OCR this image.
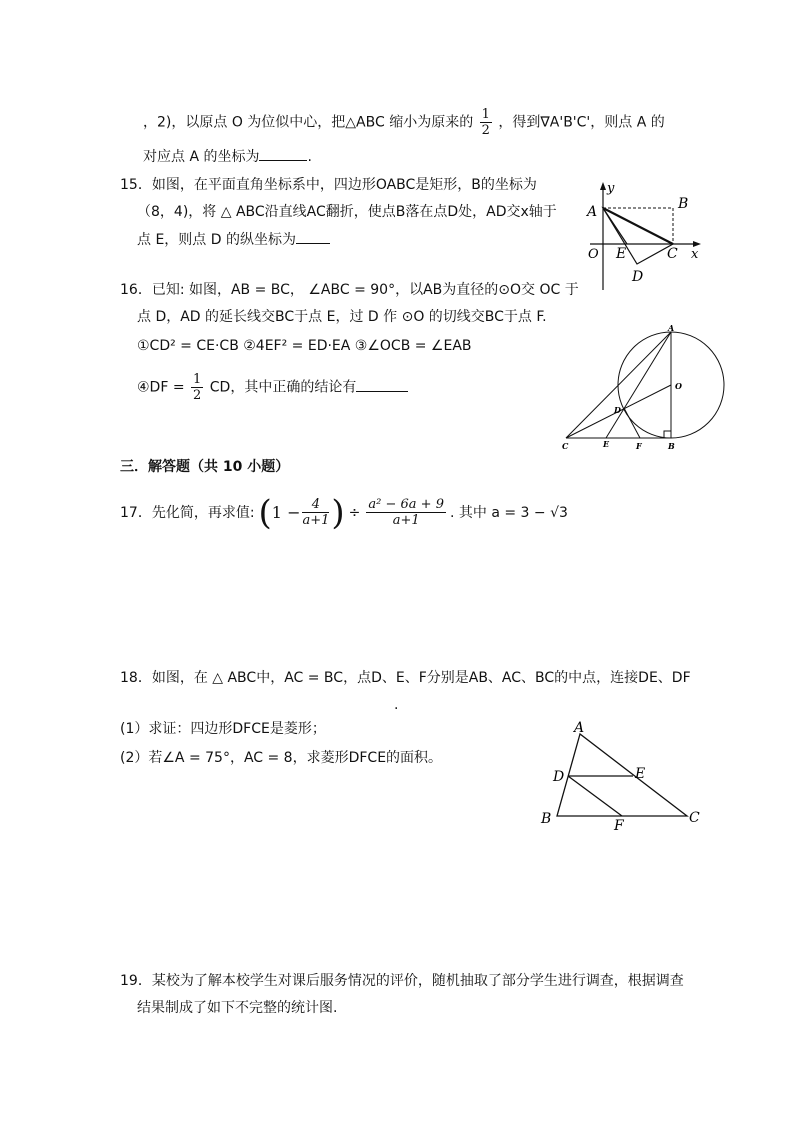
，2)，以原点 O 为位似中心，把△ABC 缩小为原来的 $\frac{1}{2}$ ，得到∇A'B'C'，则点 A 的
对应点 A 的坐标为	.
15．如图，在平面直角坐标系中，四边形OABC是矩形，B的坐标为
（8，4)，将 △ ABC沿直线AC翻折，使点B落在点D处，AD交x轴于
点 E，则点 D 的纵坐标为
y
A	B
O E	C x
D
16．已知: 如图，AB = BC， ∠ABC = 90°，以AB为直径的⊙O交 OC 于
点 D，AD 的延长线交BC于点 E，过 D 作 ⊙O 的切线交BC于点 F.
①CD² = CE·CB ②4EF² = ED·EA ③∠OCB = ∠EAB
④DF = $\frac{1}{2}$ CD，其中正确的结论有
A
O
D
C	E	F	B
三．解答题（共 10 小题）
17．先化简，再求值: ( $1 - \frac{4}{a+1}$ ) ÷ $\frac{\text{a² − 6a + 9}}{a+1}$ . 其中 a = 3 − √3
18．如图，在 △ ABC中，AC = BC，点D、E、F分别是AB、AC、BC的中点，连接DE、DF
.
(1）求证：四边形DFCE是菱形；
(2）若∠A = 75°，AC = 8，求菱形DFCE的面积。
A
D	E
B	F	C
19．某校为了解本校学生对课后服务情况的评价，随机抽取了部分学生进行调查，根据调查
结果制成了如下不完整的统计图.
